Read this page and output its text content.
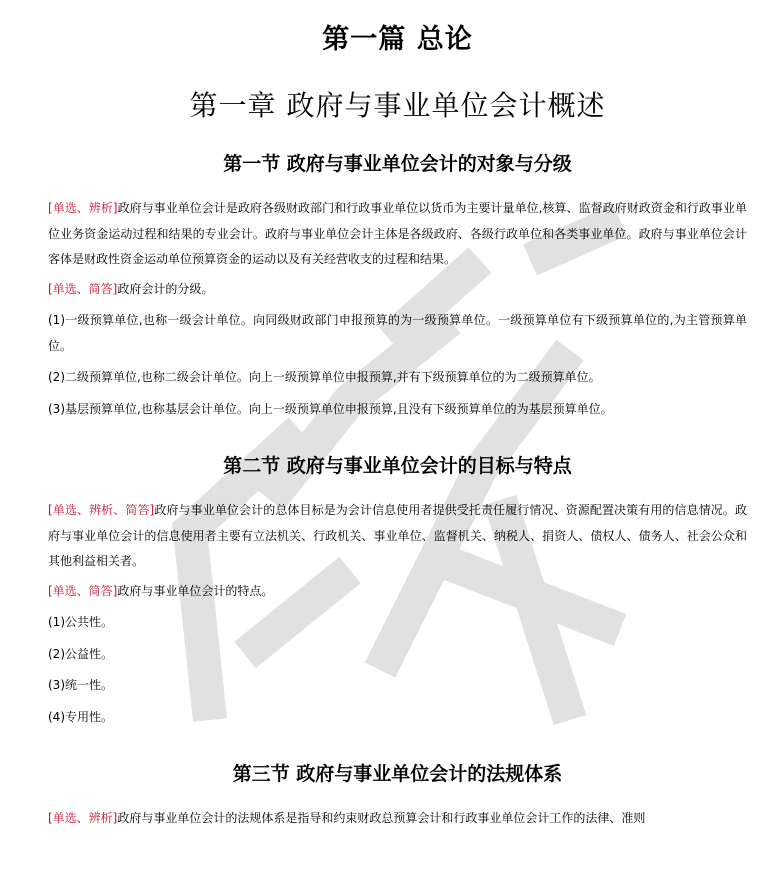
第一篇 总论
第一章 政府与事业单位会计概述
第一节 政府与事业单位会计的对象与分级

[单选、辨析]政府与事业单位会计是政府各级财政部门和行政事业单位以货币为主要计量单位,核算、监督政府财政资金和行政事业单位业务资金运动过程和结果的专业会计。政府与事业单位会计主体是各级政府、各级行政单位和各类事业单位。政府与事业单位会计客体是财政性资金运动单位预算资金的运动以及有关经营收支的过程和结果。

[单选、简答]政府会计的分级。

(1)一级预算单位,也称一级会计单位。向同级财政部门申报预算的为一级预算单位。一级预算单位有下级预算单位的,为主管预算单位。

(2)二级预算单位,也称二级会计单位。向上一级预算单位申报预算,并有下级预算单位的为二级预算单位。

(3)基层预算单位,也称基层会计单位。向上一级预算单位申报预算,且没有下级预算单位的为基层预算单位。

第二节 政府与事业单位会计的目标与特点

[单选、辨析、简答]政府与事业单位会计的总体目标是为会计信息使用者提供受托责任履行情况、资源配置决策有用的信息情况。政府与事业单位会计的信息使用者主要有立法机关、行政机关、事业单位、监督机关、纳税人、捐资人、债权人、债务人、社会公众和其他利益相关者。

[单选、简答]政府与事业单位会计的特点。

(1)公共性。

(2)公益性。

(3)统一性。

(4)专用性。

第三节 政府与事业单位会计的法规体系

[单选、辨析]政府与事业单位会计的法规体系是指导和约束财政总预算会计和行政事业单位会计工作的法律、准则
